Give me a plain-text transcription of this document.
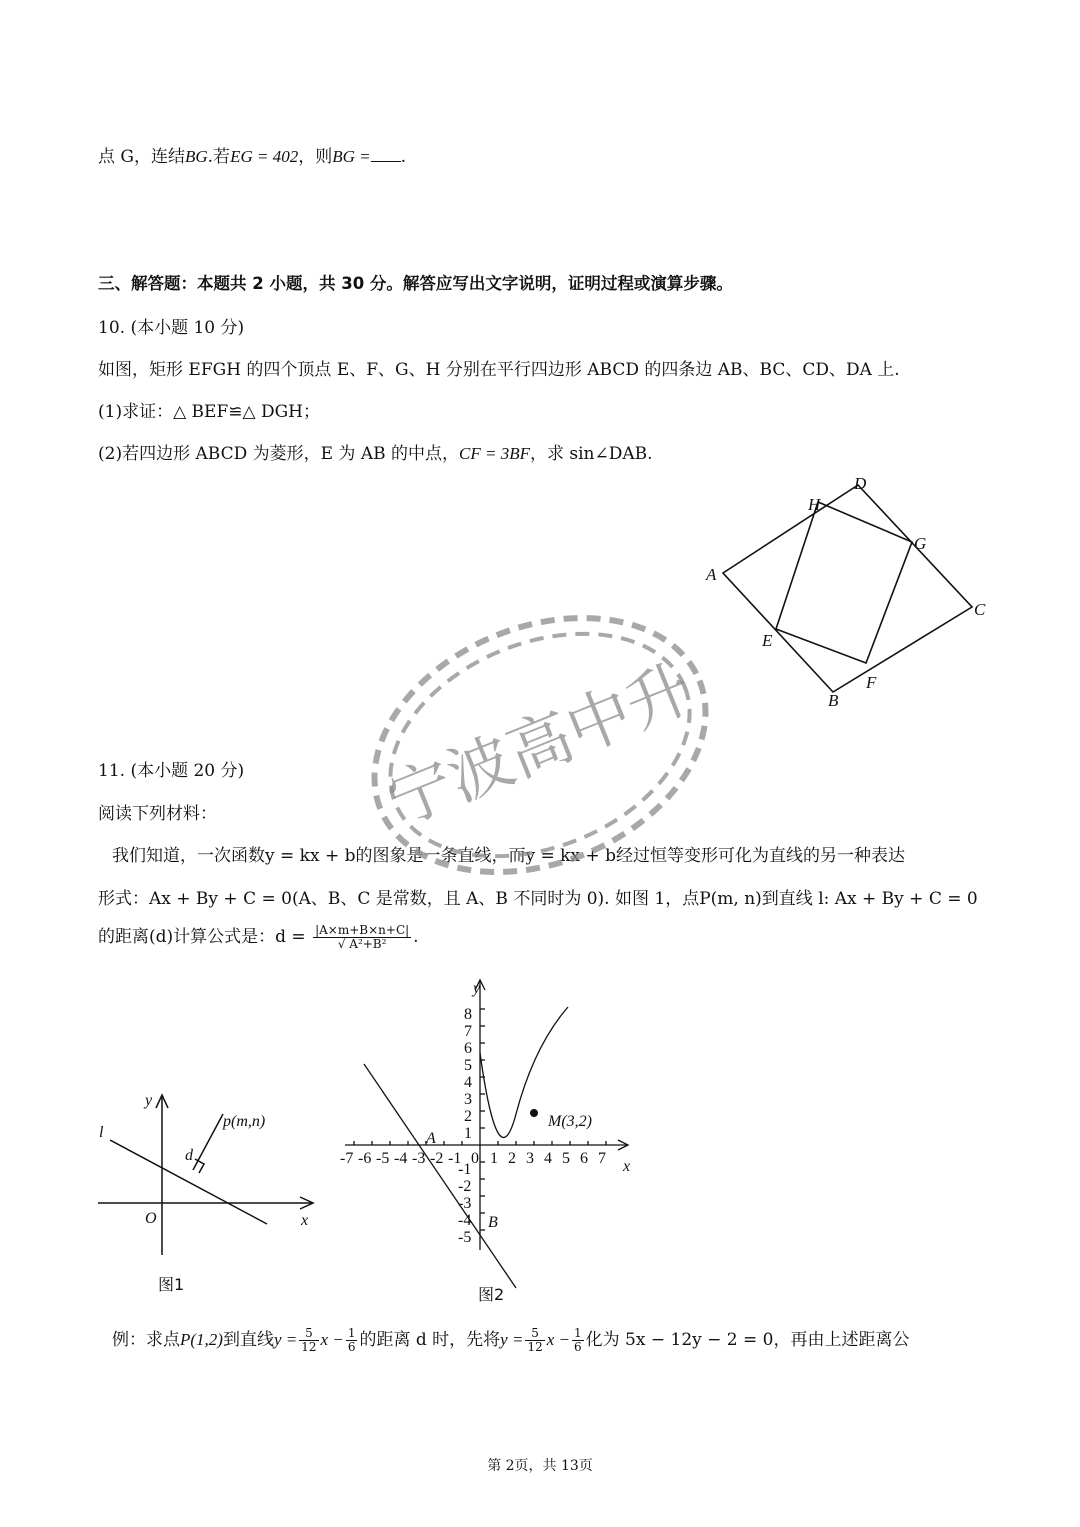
点 G，连结BG.若EG = 402，则BG = .
三、解答题：本题共 2 小题，共 30 分。解答应写出文字说明，证明过程或演算步骤。
10. (本小题 10 分)
如图，矩形 EFGH 的四个顶点 E、F、G、H 分别在平行四边形 ABCD 的四条边 AB、BC、CD、DA 上.
(1)求证：△ BEF≌△ DGH；
(2)若四边形 ABCD 为菱形，E 为 AB 的中点，CF = 3BF，求 sin∠DAB.
A
D
H
G
C
E
F
B
11. (本小题 20 分)
阅读下列材料：
我们知道，一次函数y = kx + b的图象是一条直线，而y = kx + b经过恒等变形可化为直线的另一种表达
形式：Ax + By + C = 0(A、B、C 是常数，且 A、B 不同时为 0). 如图 1，点P(m, n)到直线 l: Ax + By + C = 0
的距离(d)计算公式是：$d = \frac{|A\times m+B\times n+C|}{\text{√ A²+B²}}$ .
y
x
O
l
d
p(m,n)
图1
-7 -6 -5 -4 -3 -2 -1 0 1 2 3 4 5 6 7
1
2
3
4
5
6
7
8
-1
-2
-3
-4
-5
y
x
A
B
M(3,2)
图2
例：求点P(1,2)到直线$y = \frac{5}{12}$ $x - \frac{1}{6}$ 的距离 d 时，先将$y = \frac{5}{12}$ $x - \frac{1}{6}$ 化为 5x − 12y − 2 = 0，再由上述距离公
第 2页，共 13页
宁波高中升
